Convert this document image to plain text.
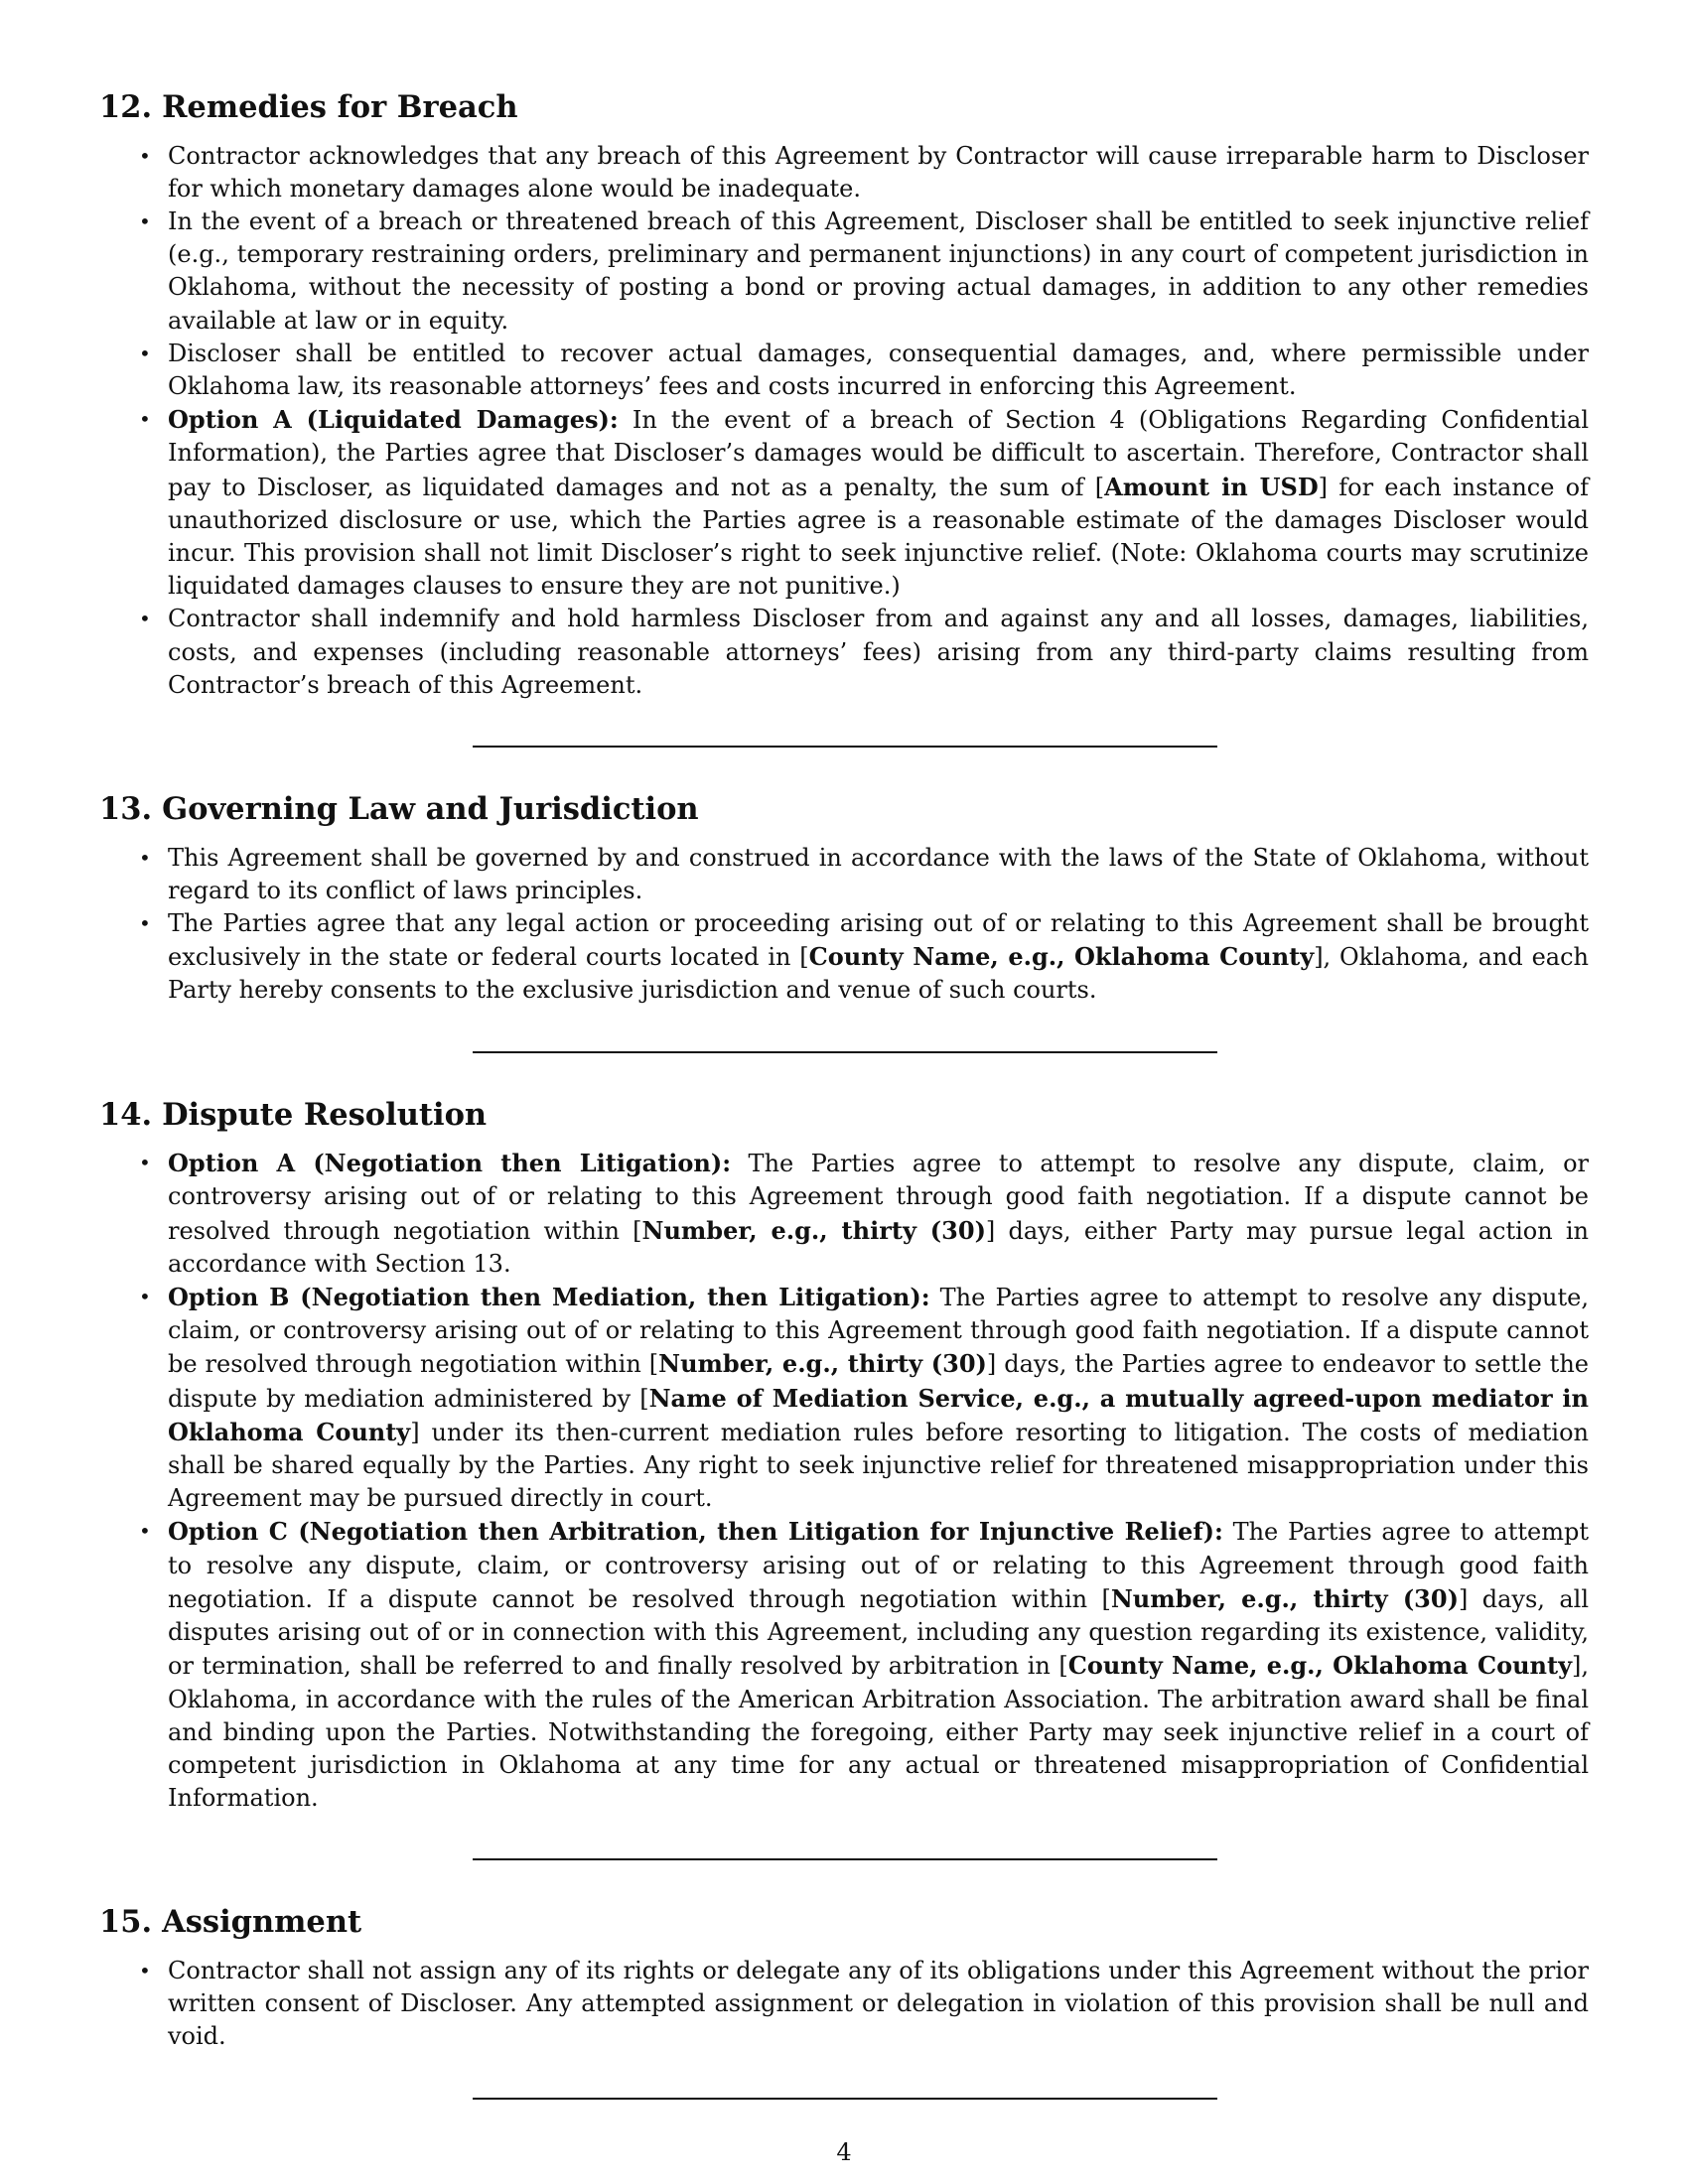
12. Remedies for Breach
• Contractor acknowledges that any breach of this Agreement by Contractor will cause irreparable harm to Discloser for which monetary damages alone would be inadequate.
• In the event of a breach or threatened breach of this Agreement, Discloser shall be entitled to seek injunctive relief (e.g., temporary restraining orders, preliminary and permanent injunctions) in any court of competent jurisdiction in Oklahoma, without the necessity of posting a bond or proving actual damages, in addition to any other remedies available at law or in equity.
• Discloser shall be entitled to recover actual damages, consequential damages, and, where permissible under Oklahoma law, its reasonable attorneys’ fees and costs incurred in enforcing this Agreement.
• Option A (Liquidated Damages): In the event of a breach of Section 4 (Obligations Regarding Confidential Information), the Parties agree that Discloser’s damages would be difficult to ascertain. Therefore, Contractor shall pay to Discloser, as liquidated damages and not as a penalty, the sum of [Amount in USD] for each instance of unauthorized disclosure or use, which the Parties agree is a reasonable estimate of the damages Discloser would incur. This provision shall not limit Discloser’s right to seek injunctive relief. (Note: Oklahoma courts may scrutinize liquidated damages clauses to ensure they are not punitive.)
• Contractor shall indemnify and hold harmless Discloser from and against any and all losses, damages, liabilities, costs, and expenses (including reasonable attorneys’ fees) arising from any third-party claims resulting from Contractor’s breach of this Agreement.
13. Governing Law and Jurisdiction
• This Agreement shall be governed by and construed in accordance with the laws of the State of Oklahoma, without regard to its conflict of laws principles.
• The Parties agree that any legal action or proceeding arising out of or relating to this Agreement shall be brought exclusively in the state or federal courts located in [County Name, e.g., Oklahoma County], Oklahoma, and each Party hereby consents to the exclusive jurisdiction and venue of such courts.
14. Dispute Resolution
• Option A (Negotiation then Litigation): The Parties agree to attempt to resolve any dispute, claim, or controversy arising out of or relating to this Agreement through good faith negotiation. If a dispute cannot be resolved through negotiation within [Number, e.g., thirty (30)] days, either Party may pursue legal action in accordance with Section 13.
• Option B (Negotiation then Mediation, then Litigation): The Parties agree to attempt to resolve any dispute, claim, or controversy arising out of or relating to this Agreement through good faith negotiation. If a dispute cannot be resolved through negotiation within [Number, e.g., thirty (30)] days, the Parties agree to endeavor to settle the dispute by mediation administered by [Name of Mediation Service, e.g., a mutually agreed-upon mediator in Oklahoma County] under its then-current mediation rules before resorting to litigation. The costs of mediation shall be shared equally by the Parties. Any right to seek injunctive relief for threatened misappropriation under this Agreement may be pursued directly in court.
• Option C (Negotiation then Arbitration, then Litigation for Injunctive Relief): The Parties agree to attempt to resolve any dispute, claim, or controversy arising out of or relating to this Agreement through good faith negotiation. If a dispute cannot be resolved through negotiation within [Number, e.g., thirty (30)] days, all disputes arising out of or in connection with this Agreement, including any question regarding its existence, validity, or termination, shall be referred to and finally resolved by arbitration in [County Name, e.g., Oklahoma County], Oklahoma, in accordance with the rules of the American Arbitration Association. The arbitration award shall be final and binding upon the Parties. Notwithstanding the foregoing, either Party may seek injunctive relief in a court of competent jurisdiction in Oklahoma at any time for any actual or threatened misappropriation of Confidential Information.
15. Assignment
• Contractor shall not assign any of its rights or delegate any of its obligations under this Agreement without the prior written consent of Discloser. Any attempted assignment or delegation in violation of this provision shall be null and void.
4
